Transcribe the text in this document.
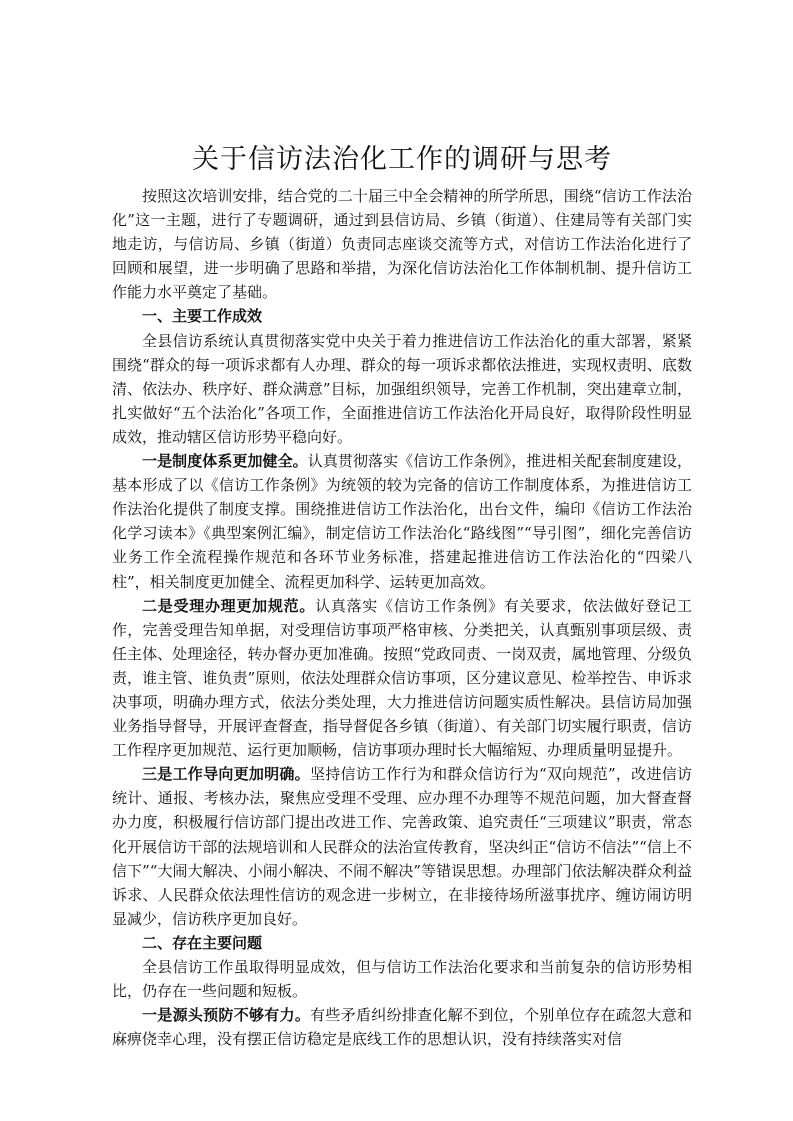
关于信访法治化工作的调研与思考

按照这次培训安排，结合党的二十届三中全会精神的所学所思，围绕“信访工作法治化”这一主题，进行了专题调研，通过到县信访局、乡镇（街道）、住建局等有关部门实地走访，与信访局、乡镇（街道）负责同志座谈交流等方式，对信访工作法治化进行了回顾和展望，进一步明确了思路和举措，为深化信访法治化工作体制机制、提升信访工作能力水平奠定了基础。

一、主要工作成效

全县信访系统认真贯彻落实党中央关于着力推进信访工作法治化的重大部署，紧紧围绕“群众的每一项诉求都有人办理、群众的每一项诉求都依法推进，实现权责明、底数清、依法办、秩序好、群众满意”目标，加强组织领导，完善工作机制，突出建章立制，扎实做好“五个法治化”各项工作，全面推进信访工作法治化开局良好，取得阶段性明显成效，推动辖区信访形势平稳向好。

一是制度体系更加健全。认真贯彻落实《信访工作条例》，推进相关配套制度建设，基本形成了以《信访工作条例》为统领的较为完备的信访工作制度体系，为推进信访工作法治化提供了制度支撑。围绕推进信访工作法治化，出台文件，编印《信访工作法治化学习读本》《典型案例汇编》，制定信访工作法治化“路线图”“导引图”，细化完善信访业务工作全流程操作规范和各环节业务标准，搭建起推进信访工作法治化的“四梁八柱”，相关制度更加健全、流程更加科学、运转更加高效。

二是受理办理更加规范。认真落实《信访工作条例》有关要求，依法做好登记工作，完善受理告知单据，对受理信访事项严格审核、分类把关，认真甄别事项层级、责任主体、处理途径，转办督办更加准确。按照“党政同责、一岗双责，属地管理、分级负责，谁主管、谁负责”原则，依法处理群众信访事项，区分建议意见、检举控告、申诉求决事项，明确办理方式，依法分类处理，大力推进信访问题实质性解决。县信访局加强业务指导督导，开展评查督查，指导督促各乡镇（街道）、有关部门切实履行职责，信访工作程序更加规范、运行更加顺畅，信访事项办理时长大幅缩短、办理质量明显提升。

三是工作导向更加明确。坚持信访工作行为和群众信访行为“双向规范”，改进信访统计、通报、考核办法，聚焦应受理不受理、应办理不办理等不规范问题，加大督查督办力度，积极履行信访部门提出改进工作、完善政策、追究责任“三项建议”职责，常态化开展信访干部的法规培训和人民群众的法治宣传教育，坚决纠正“信访不信法”“信上不信下”“大闹大解决、小闹小解决、不闹不解决”等错误思想。办理部门依法解决群众利益诉求、人民群众依法理性信访的观念进一步树立，在非接待场所滋事扰序、缠访闹访明显减少，信访秩序更加良好。

二、存在主要问题

全县信访工作虽取得明显成效，但与信访工作法治化要求和当前复杂的信访形势相比，仍存在一些问题和短板。

一是源头预防不够有力。有些矛盾纠纷排查化解不到位，个别单位存在疏忽大意和麻痹侥幸心理，没有摆正信访稳定是底线工作的思想认识，没有持续落实对信
